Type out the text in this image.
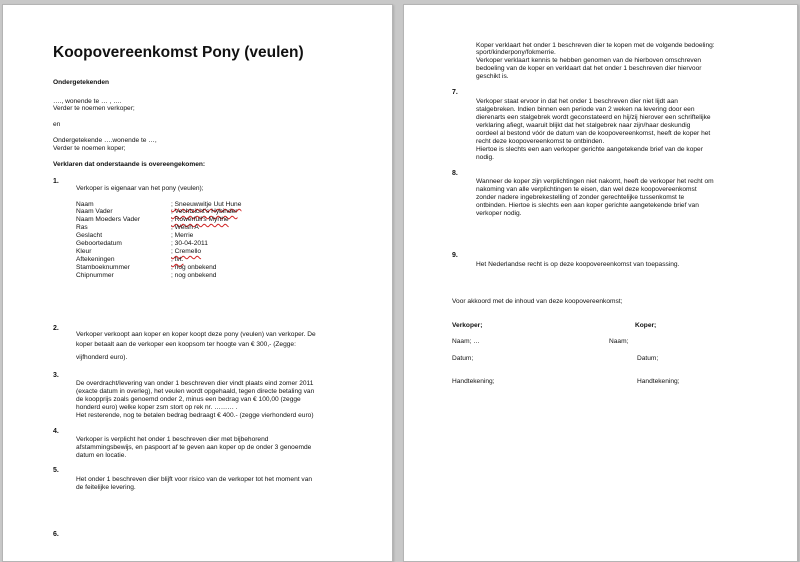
Koopovereenkomst Pony (veulen)
Ondergetekenden
…., wonende te … , ….
Verder te noemen verkoper;
en
Ondergetekende ….wonende te …,
Verder te noemen koper;
Verklaren dat onderstaande is overeengekomen:
1.
Verkoper is eigenaar van het pony (veulen);
Naam	; Sneeuwwitje Uut Hune
Naam Vader	; Vechtzicht's Hybinder
Naam Moeders Vader	; Rowerfull's Myrthe
Ras	; Welsh A
Geslacht	; Merrie
Geboortedatum	; 30-04-2011
Kleur	; Cremello
Aftekeningen	; tvt.
Stamboeknummer	; nog onbekend
Chipnummer	; nog onbekend
2.
Verkoper verkoopt aan koper en koper koopt deze pony (veulen) van verkoper. De
koper betaalt aan de verkoper een koopsom ter hoogte van € 300,- (Zegge:
vijfhonderd euro).
3.
De overdracht/levering van onder 1 beschreven dier vindt plaats eind zomer 2011
(exacte datum in overleg), het veulen wordt opgehaald, tegen directe betaling van
de koopprijs zoals genoemd onder 2, minus een bedrag van € 100,00 (zegge
honderd euro) welke koper zsm stort op rek nr. ……… .
Het resterende, nog te betalen bedrag bedraagt € 400.- (zegge vierhonderd euro)
4.
Verkoper is verplicht het onder 1 beschreven dier met bijbehorend
afstammingsbewijs, en paspoort af te geven aan koper op de onder 3 genoemde
datum en locatie.
5.
Het onder 1 beschreven dier blijft voor risico van de verkoper tot het moment van
de feitelijke levering.
6.
Koper verklaart het onder 1 beschreven dier te kopen met de volgende bedoeling:
sport/kinderpony/fokmerrie.
Verkoper verklaart kennis te hebben genomen van de hierboven omschreven
bedoeling van de koper en verklaart dat het onder 1 beschreven dier hiervoor
geschikt is.
7.
Verkoper staat ervoor in dat het onder 1 beschreven dier niet lijdt aan
stalgebreken. Indien binnen een periode van 2 weken na levering door een
dierenarts een stalgebrek wordt geconstateerd en hij/zij hierover een schriftelijke
verklaring afiegt, waaruit blijkt dat het stalgebrek naar zijn/haar deskundig
oordeel al bestond vóór de datum van de koopovereenkomst, heeft de koper het
recht deze koopovereenkomst te ontbinden.
Hiertoe is slechts een aan verkoper gerichte aangetekende brief van de koper
nodig.
8.
Wanneer de koper zijn verplichtingen niet nakomt, heeft de verkoper het recht om
nakoming van alle verplichtingen te eisen, dan wel deze koopovereenkomst
zonder nadere ingebrekestelling of zonder gerechtelijke tussenkomst te
ontbinden. Hiertoe is slechts een aan koper gerichte aangetekende brief van
verkoper nodig.
9.
Het Nederlandse recht is op deze koopovereenkomst van toepassing.
Voor akkoord met de inhoud van deze koopovereenkomst;
Verkoper;	Koper;
Naam; …	Naam;
Datum;	Datum;
Handtekening;	Handtekening;
